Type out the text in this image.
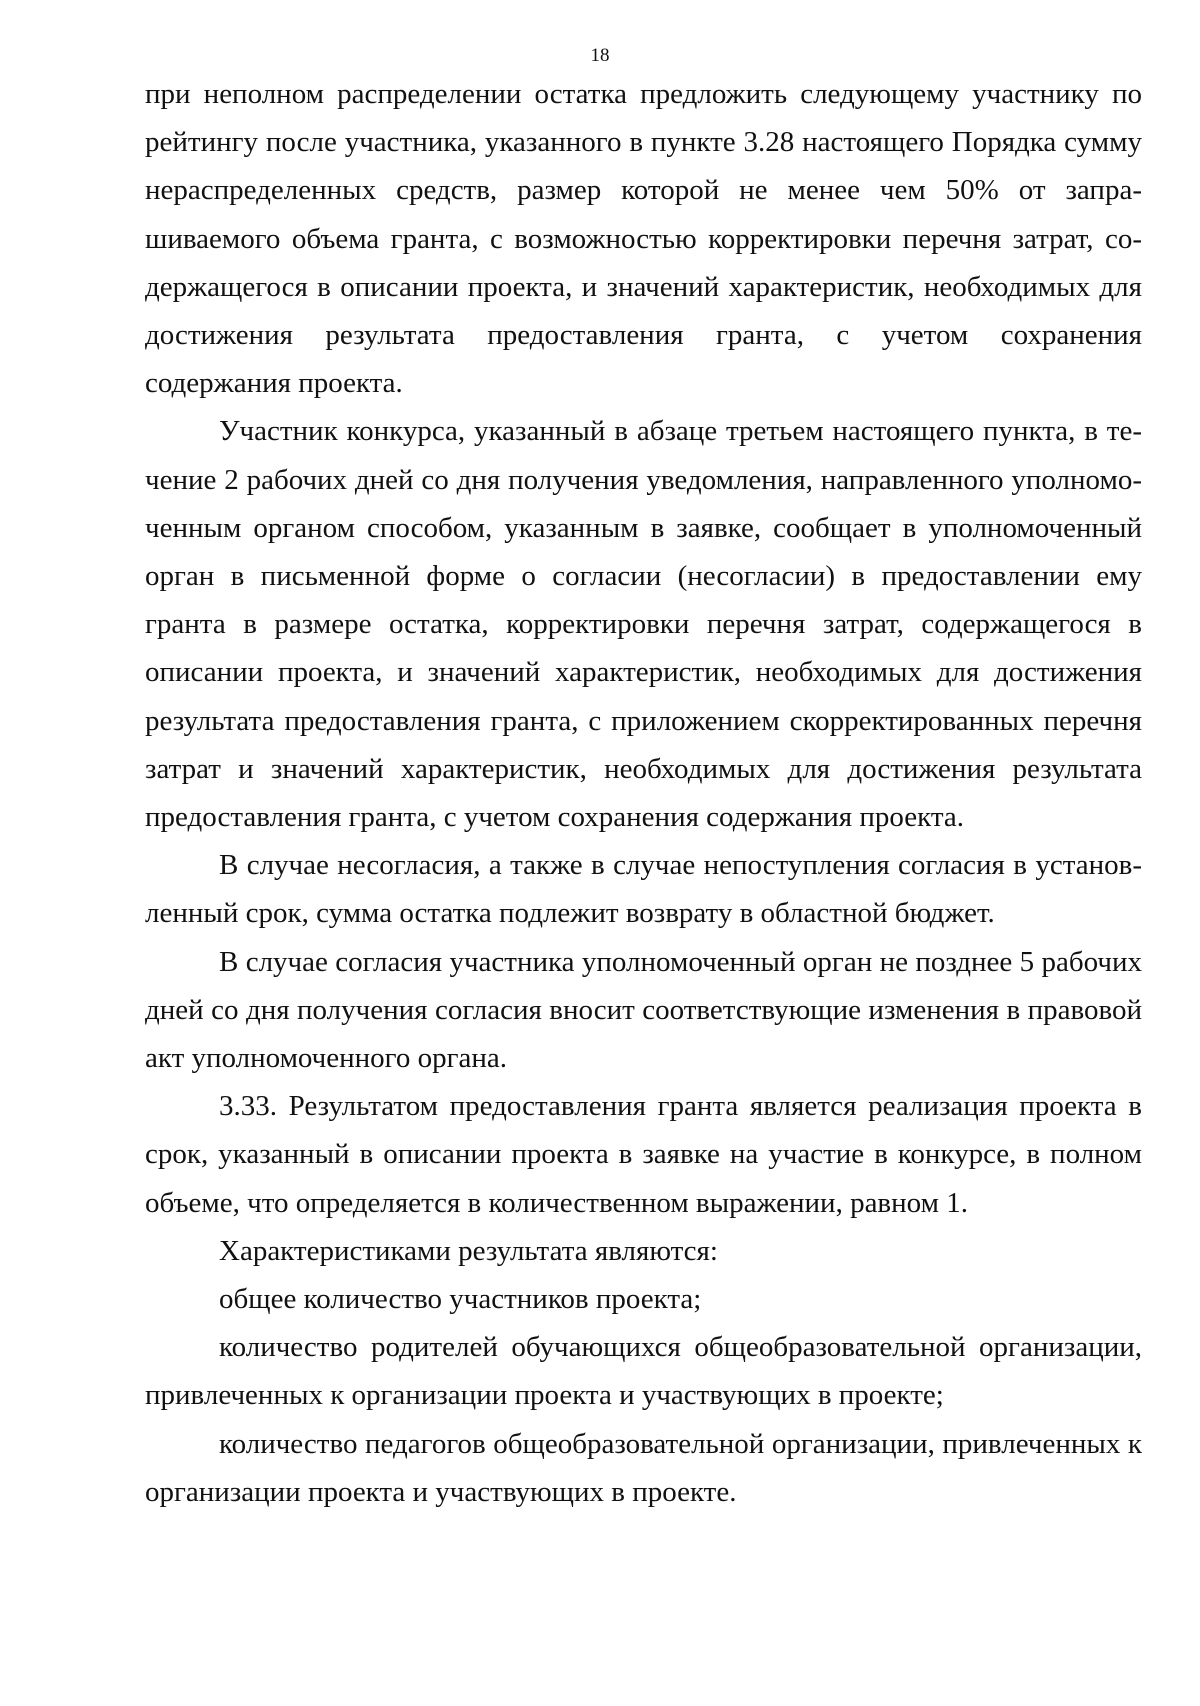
18

при неполном распределении остатка предложить следующему участнику по рейтингу после участника, указанного в пункте 3.28 настоящего Порядка сумму нераспределенных средств, размер которой не менее чем 50% от запрашиваемого объема гранта, с возможностью корректировки перечня затрат, содержащегося в описании проекта, и значений характеристик, необходимых для достижения результата предоставления гранта, с учетом сохранения содержания проекта.

Участник конкурса, указанный в абзаце третьем настоящего пункта, в течение 2 рабочих дней со дня получения уведомления, направленного уполномоченным органом способом, указанным в заявке, сообщает в уполномоченный орган в письменной форме о согласии (несогласии) в предоставлении ему гранта в размере остатка, корректировки перечня затрат, содержащегося в описании проекта, и значений характеристик, необходимых для достижения результата предоставления гранта, с приложением скорректированных перечня затрат и значений характеристик, необходимых для достижения результата предоставления гранта, с учетом сохранения содержания проекта.

В случае несогласия, а также в случае непоступления согласия в установленный срок, сумма остатка подлежит возврату в областной бюджет.

В случае согласия участника уполномоченный орган не позднее 5 рабочих дней со дня получения согласия вносит соответствующие изменения в правовой акт уполномоченного органа.

3.33. Результатом предоставления гранта является реализация проекта в срок, указанный в описании проекта в заявке на участие в конкурсе, в полном объеме, что определяется в количественном выражении, равном 1.

Характеристиками результата являются:

общее количество участников проекта;

количество родителей обучающихся общеобразовательной организации, привлеченных к организации проекта и участвующих в проекте;

количество педагогов общеобразовательной организации, привлеченных к организации проекта и участвующих в проекте.
